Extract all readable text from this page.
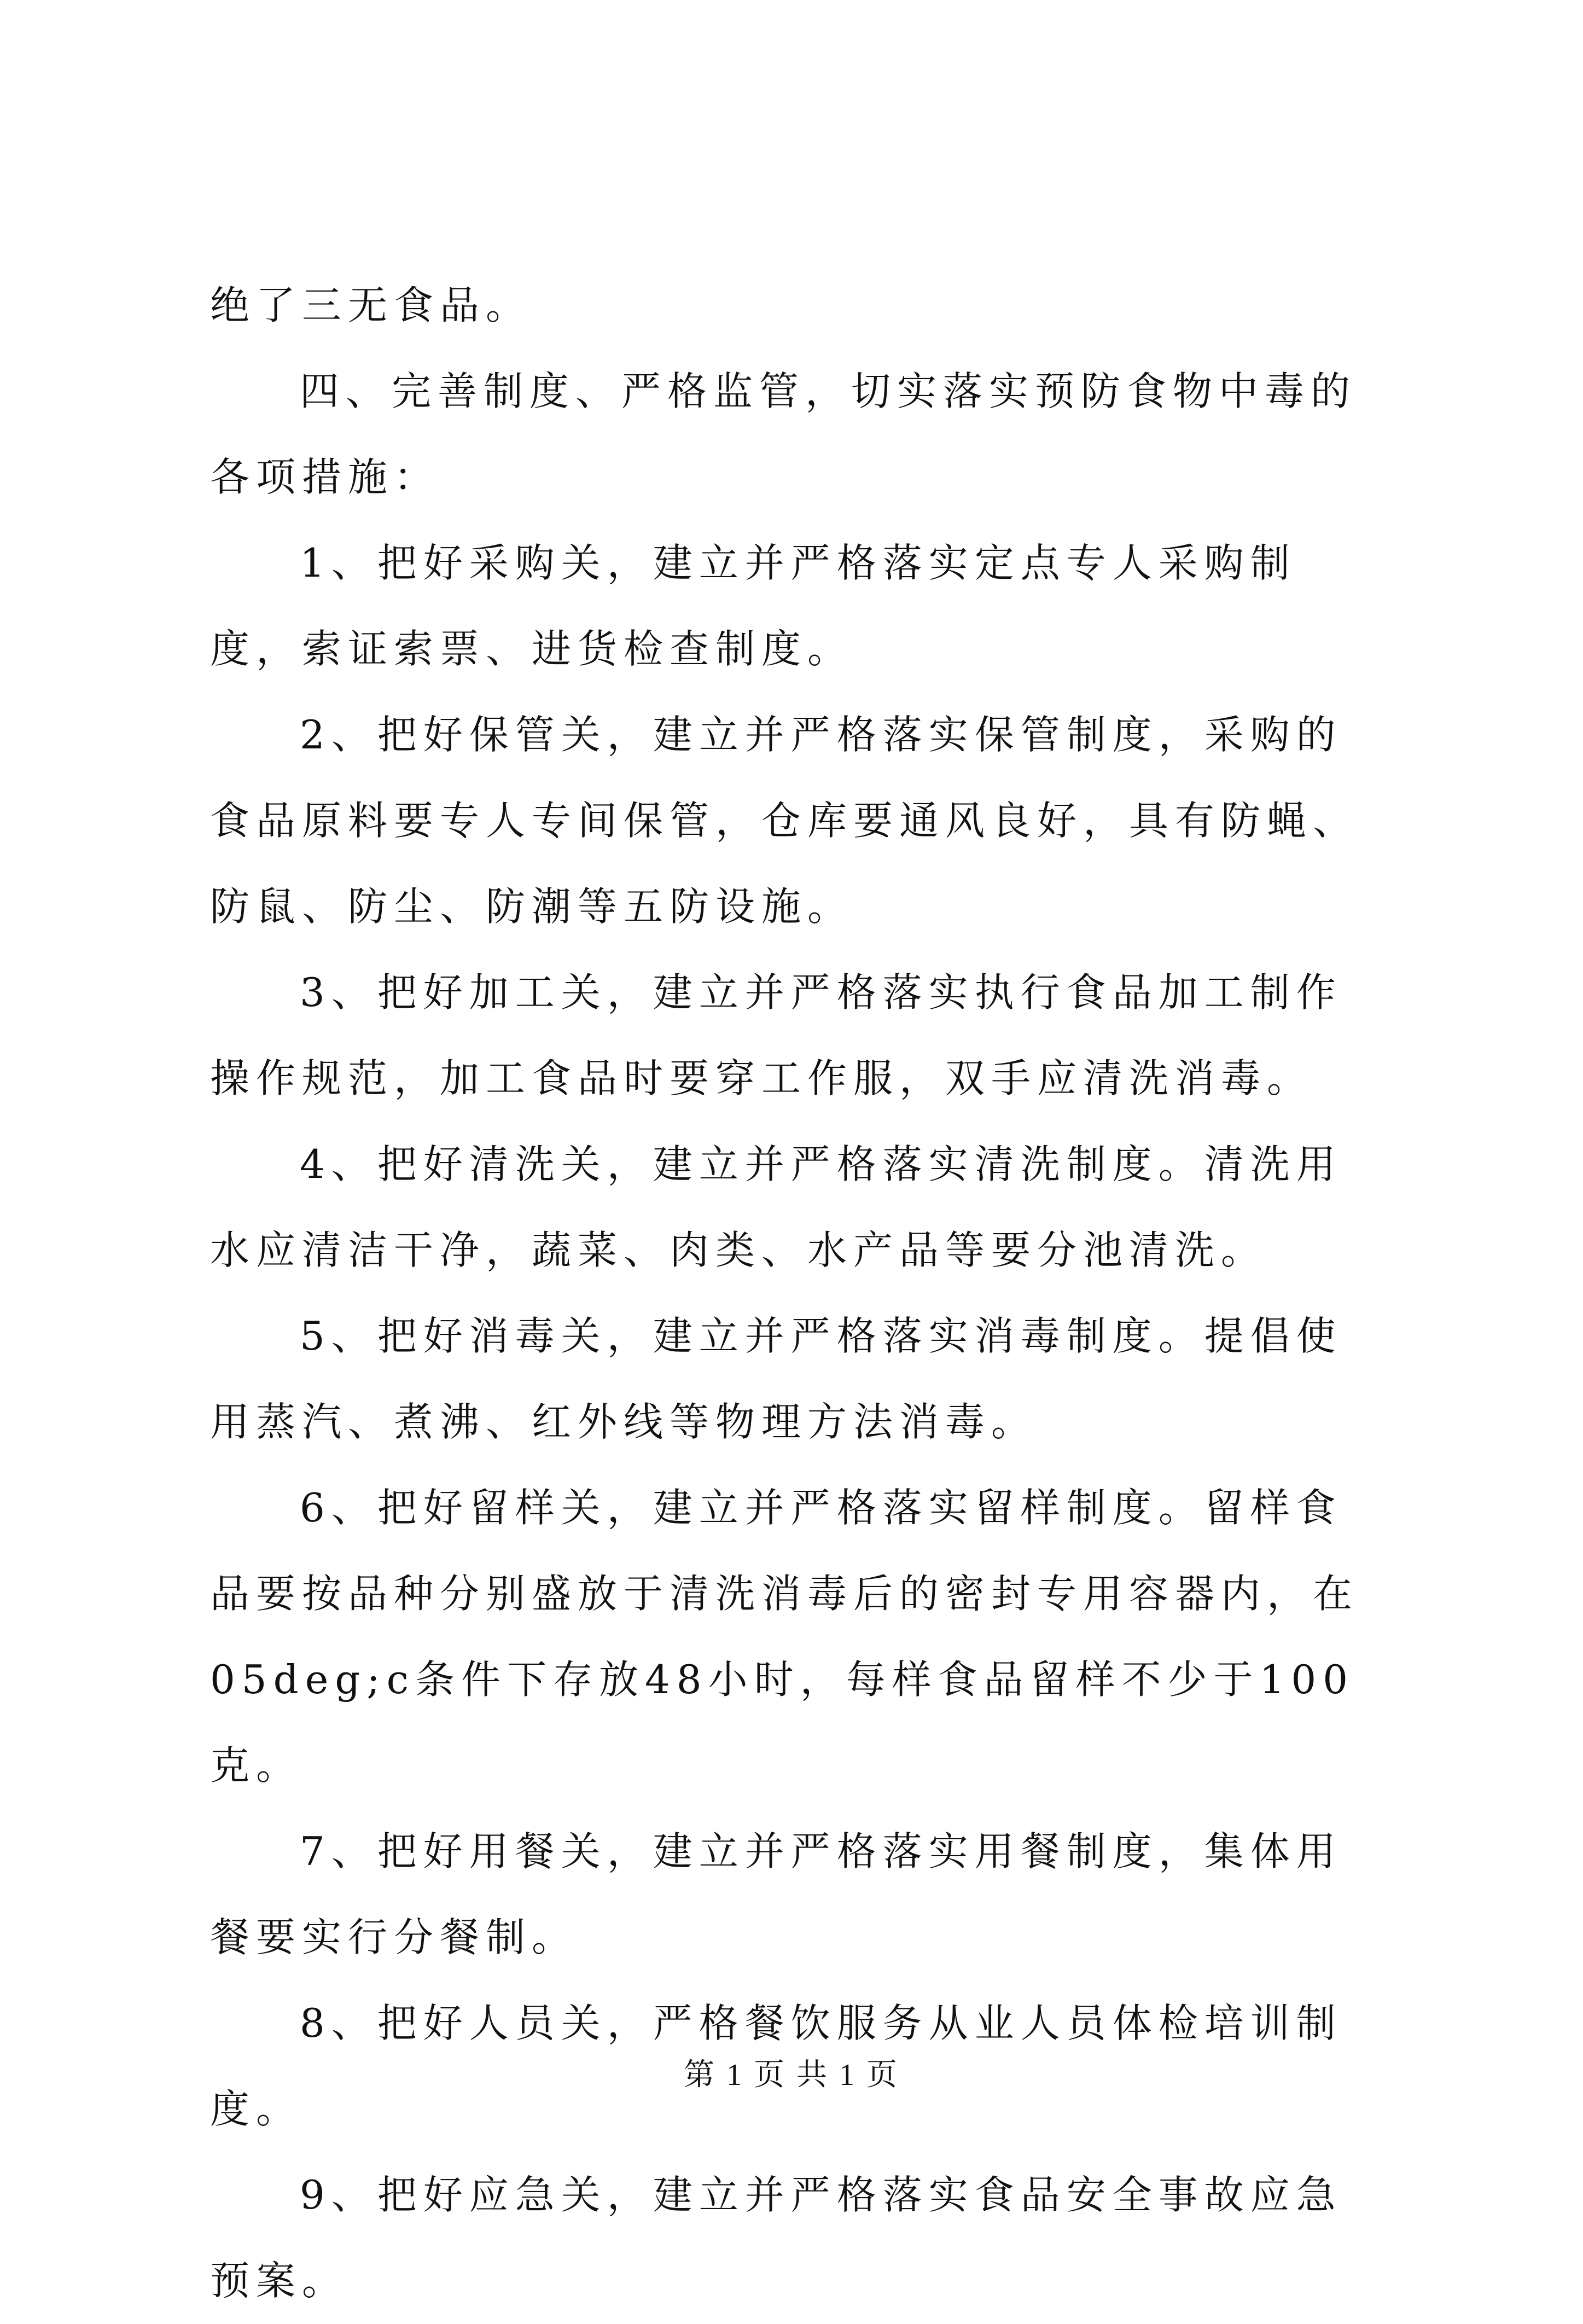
绝了三无食品。

四、完善制度、严格监管，切实落实预防食物中毒的各项措施：

1、把好采购关，建立并严格落实定点专人采购制度，索证索票、进货检查制度。

2、把好保管关，建立并严格落实保管制度，采购的食品原料要专人专间保管，仓库要通风良好，具有防蝇、防鼠、防尘、防潮等五防设施。

3、把好加工关，建立并严格落实执行食品加工制作操作规范，加工食品时要穿工作服，双手应清洗消毒。

4、把好清洗关，建立并严格落实清洗制度。清洗用水应清洁干净，蔬菜、肉类、水产品等要分池清洗。

5、把好消毒关，建立并严格落实消毒制度。提倡使用蒸汽、煮沸、红外线等物理方法消毒。

6、把好留样关，建立并严格落实留样制度。留样食品要按品种分别盛放于清洗消毒后的密封专用容器内，在05deg;c条件下存放48小时，每样食品留样不少于100克。

7、把好用餐关，建立并严格落实用餐制度，集体用餐要实行分餐制。

8、把好人员关，严格餐饮服务从业人员体检培训制度。

9、把好应急关，建立并严格落实食品安全事故应急预案。

第 1 页 共 1 页
